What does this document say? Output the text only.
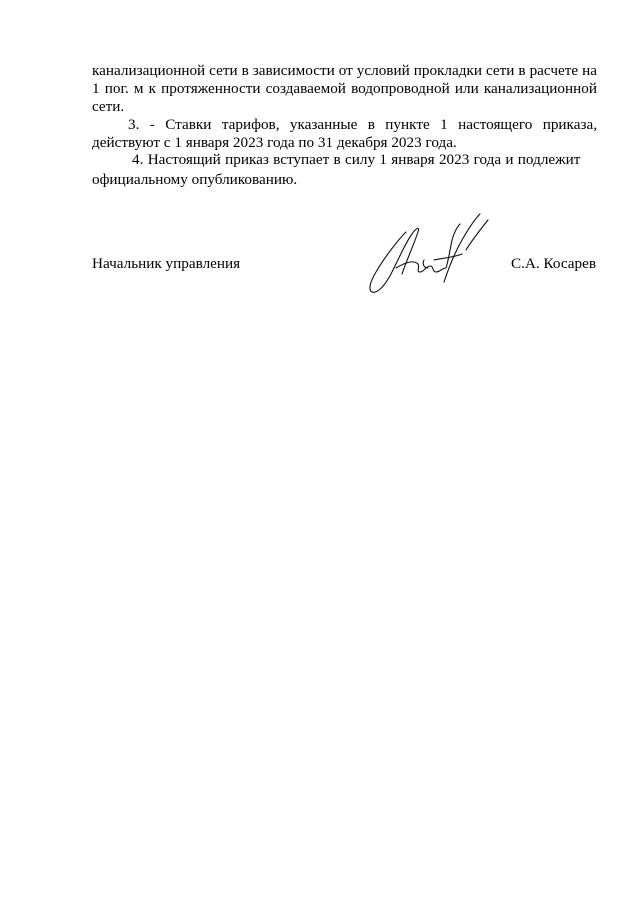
канализационной сети в зависимости от условий прокладки сети в расчете на 1 пог. м к протяженности создаваемой водопроводной или канализационной сети.
3. - Ставки тарифов, указанные в пункте 1 настоящего приказа, действуют с 1 января 2023 года по 31 декабря 2023 года.
4. Настоящий приказ вступает в силу 1 января 2023 года и подлежит
официальному опубликованию.
Начальник управления	С.А. Косарев
